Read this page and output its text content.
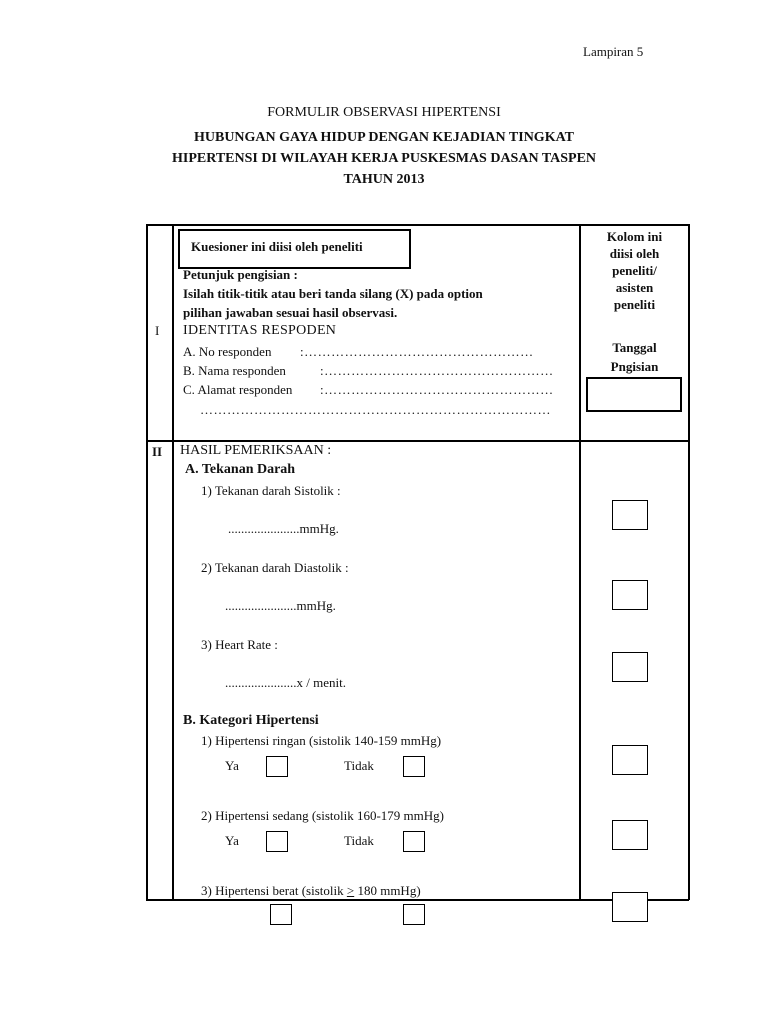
Lampiran 5
FORMULIR OBSERVASI HIPERTENSI
HUBUNGAN GAYA HIDUP DENGAN KEJADIAN TINGKAT
HIPERTENSI DI WILAYAH KERJA PUSKESMAS DASAN TASPEN
TAHUN 2013
I
Kuesioner ini diisi oleh peneliti
Petunjuk pengisian :
Isilah titik-titik atau beri tanda silang (X) pada option
pilihan jawaban sesuai hasil observasi.
IDENTITAS RESPODEN
A. No responden :……………………………………………
B. Nama responden	:……………………………………………
C. Alamat responden :……………………………………………
……………………………………………………………………
Kolom ini
diisi oleh
peneliti/
asisten
peneliti
Tanggal
Pngisian
II HASIL PEMERIKSAAN :
A. Tekanan Darah
1) Tekanan darah Sistolik :
......................mmHg.
2) Tekanan darah Diastolik :
......................mmHg.
3) Heart Rate :
......................x / menit.
B. Kategori Hipertensi
1) Hipertensi ringan (sistolik 140-159 mmHg)
Ya	Tidak
2) Hipertensi sedang (sistolik 160-179 mmHg)
Ya	Tidak
3) Hipertensi berat (sistolik > 180 mmHg)
